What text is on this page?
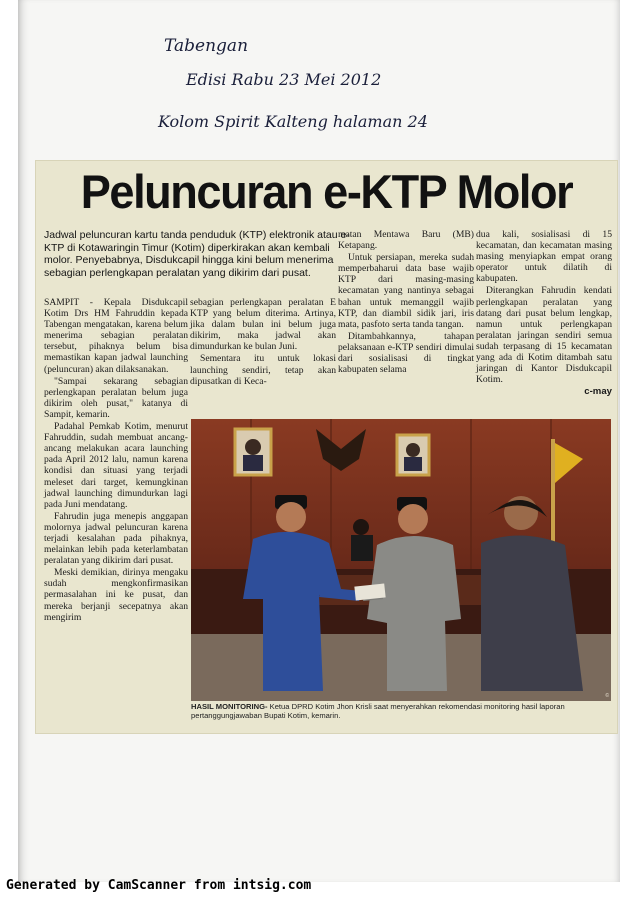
Tabengan
Edisi Rabu 23 Mei 2012
Kolom Spirit Kalteng halaman 24
Peluncuran e-KTP Molor
Jadwal peluncuran kartu tanda penduduk (KTP) elektronik atau e-KTP di Kotawaringin Timur (Kotim) diperkirakan akan kembali molor. Penyebabnya, Disdukcapil hingga kini belum menerima sebagian perlengkapan peralatan yang dikirim dari pusat.

SAMPIT - Kepala Disdukcapil Kotim Drs HM Fahruddin kepada Tabengan mengatakan, karena belum menerima sebagian peralatan tersebut, pihaknya belum bisa memastikan kapan jadwal launching (peluncuran) akan dilaksanakan.

"Sampai sekarang sebagian perlengkapan peralatan belum juga dikirim oleh pusat," katanya di Sampit, kemarin.

Padahal Pemkab Kotim, menurut Fahruddin, sudah membuat ancang-ancang melakukan acara launching pada April 2012 lalu, namun karena kondisi dan situasi yang terjadi meleset dari target, kemungkinan jadwal launching dimundurkan lagi pada Juni mendatang.

Fahrudin juga menepis anggapan molornya jadwal peluncuran karena terjadi kesalahan pada pihaknya, melainkan lebih pada keterlambatan peralatan yang dikirim dari pusat.

Meski demikian, dirinya mengaku sudah mengkonfirmasikan permasalahan ini ke pusat, dan mereka berjanji secepatnya akan mengirim

sebagian perlengkapan peralatan E KTP yang belum diterima. Artinya, jika dalam bulan ini belum juga dikirim, maka jadwal akan dimundurkan ke bulan Juni.

Sementara itu untuk lokasi launching sendiri, tetap akan dipusatkan di Keca-

matan Mentawa Baru (MB) Ketapang.

Untuk persiapan, mereka sudah memperbaharui data base wajib KTP dari masing-masing kecamatan yang nantinya sebagai bahan untuk memanggil wajib KTP, dan diambil sidik jari, iris mata, pasfoto serta tanda tangan.

Ditambahkannya, tahapan pelaksanaan e-KTP sendiri dimulai dari sosialisasi di tingkat kabupaten selama

dua kali, sosialisasi di 15 kecamatan, dan kecamatan masing masing menyiapkan empat orang operator untuk dilatih di kabupaten.

Diterangkan Fahrudin kendati perlengkapan peralatan yang datang dari pusat belum lengkap, namun untuk perlengkapan peralatan jaringan sendiri semua sudah terpasang di 15 kecamatan yang ada di Kotim ditambah satu jaringan di Kantor Disdukcapil Kotim.

c-may
©
HASIL MONITORING- Ketua DPRD Kotim Jhon Krisli saat menyerahkan rekomendasi monitoring hasil laporan pertanggungjawaban Bupati Kotim, kemarin.
Generated by CamScanner from intsig.com
